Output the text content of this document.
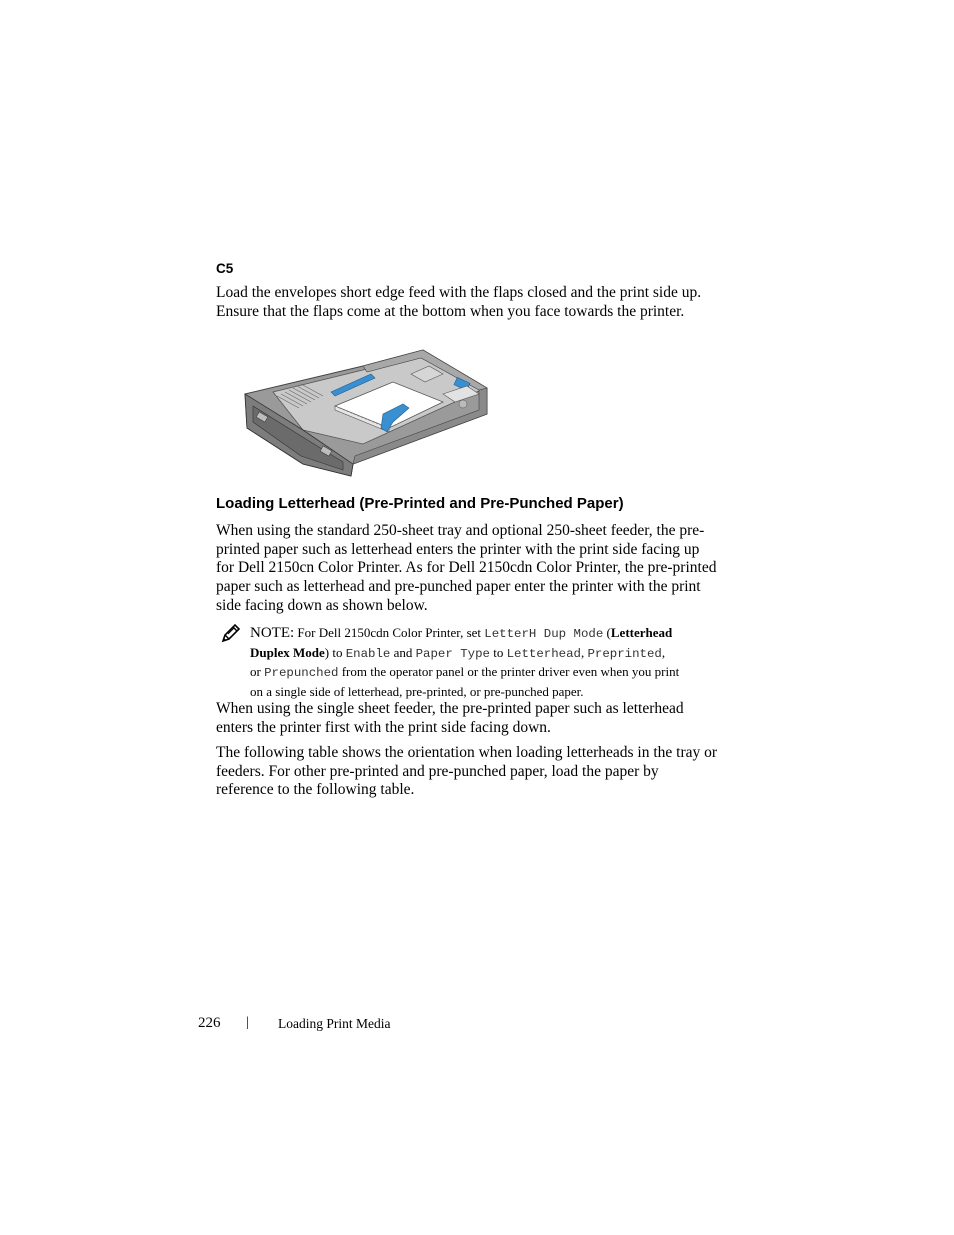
C5
Load the envelopes short edge feed with the flaps closed and the print side up.
Ensure that the flaps come at the bottom when you face towards the printer.
Loading Letterhead (Pre-Printed and Pre-Punched Paper)
When using the standard 250-sheet tray and optional 250-sheet feeder, the pre-
printed paper such as letterhead enters the printer with the print side facing up
for Dell 2150cn Color Printer. As for Dell 2150cdn Color Printer, the pre-printed
paper such as letterhead and pre-punched paper enter the printer with the print
side facing down as shown below.
NOTE: For Dell 2150cdn Color Printer, set LetterH Dup Mode (Letterhead
Duplex Mode) to Enable and Paper Type to Letterhead, Preprinted,
or Prepunched from the operator panel or the printer driver even when you print
on a single side of letterhead, pre-printed, or pre-punched paper.
When using the single sheet feeder, the pre-printed paper such as letterhead
enters the printer first with the print side facing down.
The following table shows the orientation when loading letterheads in the tray or
feeders. For other pre-printed and pre-punched paper, load the paper by
reference to the following table.
226 | Loading Print Media
